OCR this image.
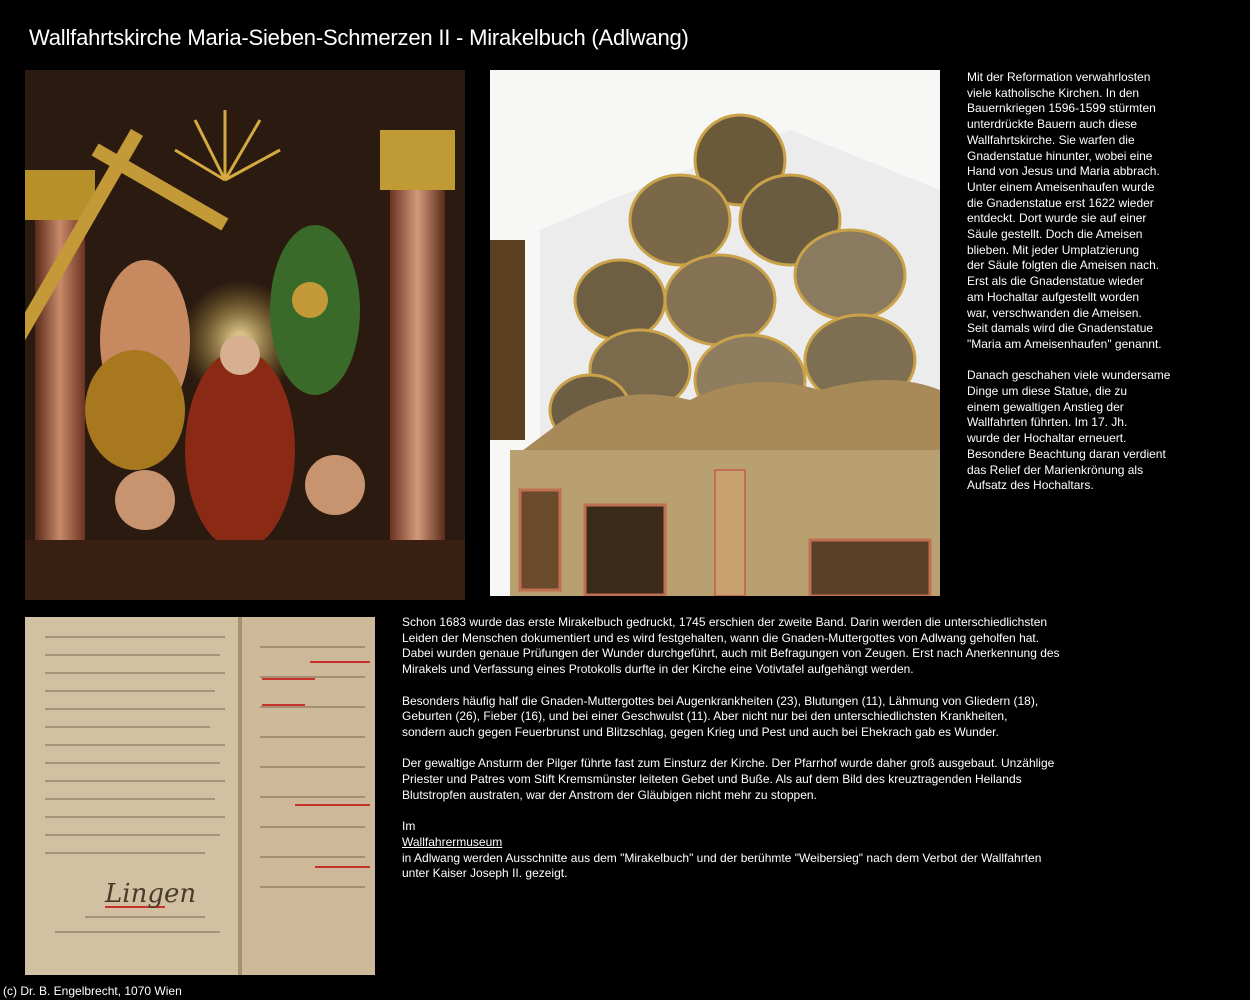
Wallfahrtskirche Maria-Sieben-Schmerzen II - Mirakelbuch (Adlwang)
Lingen
Mit der Reformation verwahrlosten
viele katholische Kirchen. In den
Bauernkriegen 1596-1599 stürmten
unterdrückte Bauern auch diese
Wallfahrtskirche. Sie warfen die
Gnadenstatue hinunter, wobei eine
Hand von Jesus und Maria abbrach.
Unter einem Ameisenhaufen wurde
die Gnadenstatue erst 1622 wieder
entdeckt. Dort wurde sie auf einer
Säule gestellt. Doch die Ameisen
blieben. Mit jeder Umplatzierung
der Säule folgten die Ameisen nach.
Erst als die Gnadenstatue wieder
am Hochaltar aufgestellt worden
war, verschwanden die Ameisen.
Seit damals wird die Gnadenstatue
"Maria am Ameisenhaufen" genannt.
Danach geschahen viele wundersame
Dinge um diese Statue, die zu
einem gewaltigen Anstieg der
Wallfahrten führten. Im 17. Jh.
wurde der Hochaltar erneuert.
Besondere Beachtung daran verdient
das Relief der Marienkrönung als
Aufsatz des Hochaltars.
Schon 1683 wurde das erste Mirakelbuch gedruckt, 1745 erschien der zweite Band. Darin werden die unterschiedlichsten
Leiden der Menschen dokumentiert und es wird festgehalten, wann die Gnaden-Muttergottes von Adlwang geholfen hat.
Dabei wurden genaue Prüfungen der Wunder durchgeführt, auch mit Befragungen von Zeugen. Erst nach Anerkennung des
Mirakels und Verfassung eines Protokolls durfte in der Kirche eine Votivtafel aufgehängt werden.
Besonders häufig half die Gnaden-Muttergottes bei Augenkrankheiten (23), Blutungen (11), Lähmung von Gliedern (18),
Geburten (26), Fieber (16), und bei einer Geschwulst (11). Aber nicht nur bei den unterschiedlichsten Krankheiten,
sondern auch gegen Feuerbrunst und Blitzschlag, gegen Krieg und Pest und auch bei Ehekrach gab es Wunder.
Der gewaltige Ansturm der Pilger führte fast zum Einsturz der Kirche. Der Pfarrhof wurde daher groß ausgebaut. Unzählige
Priester und Patres vom Stift Kremsmünster leiteten Gebet und Buße. Als auf dem Bild des kreuztragenden Heilands
Blutstropfen austraten, war der Anstrom der Gläubigen nicht mehr zu stoppen.
Im
Wallfahrermuseum
in Adlwang werden Ausschnitte aus dem "Mirakelbuch" und der berühmte "Weibersieg" nach dem Verbot der Wallfahrten
unter Kaiser Joseph II. gezeigt.
(c) Dr. B. Engelbrecht, 1070 Wien
